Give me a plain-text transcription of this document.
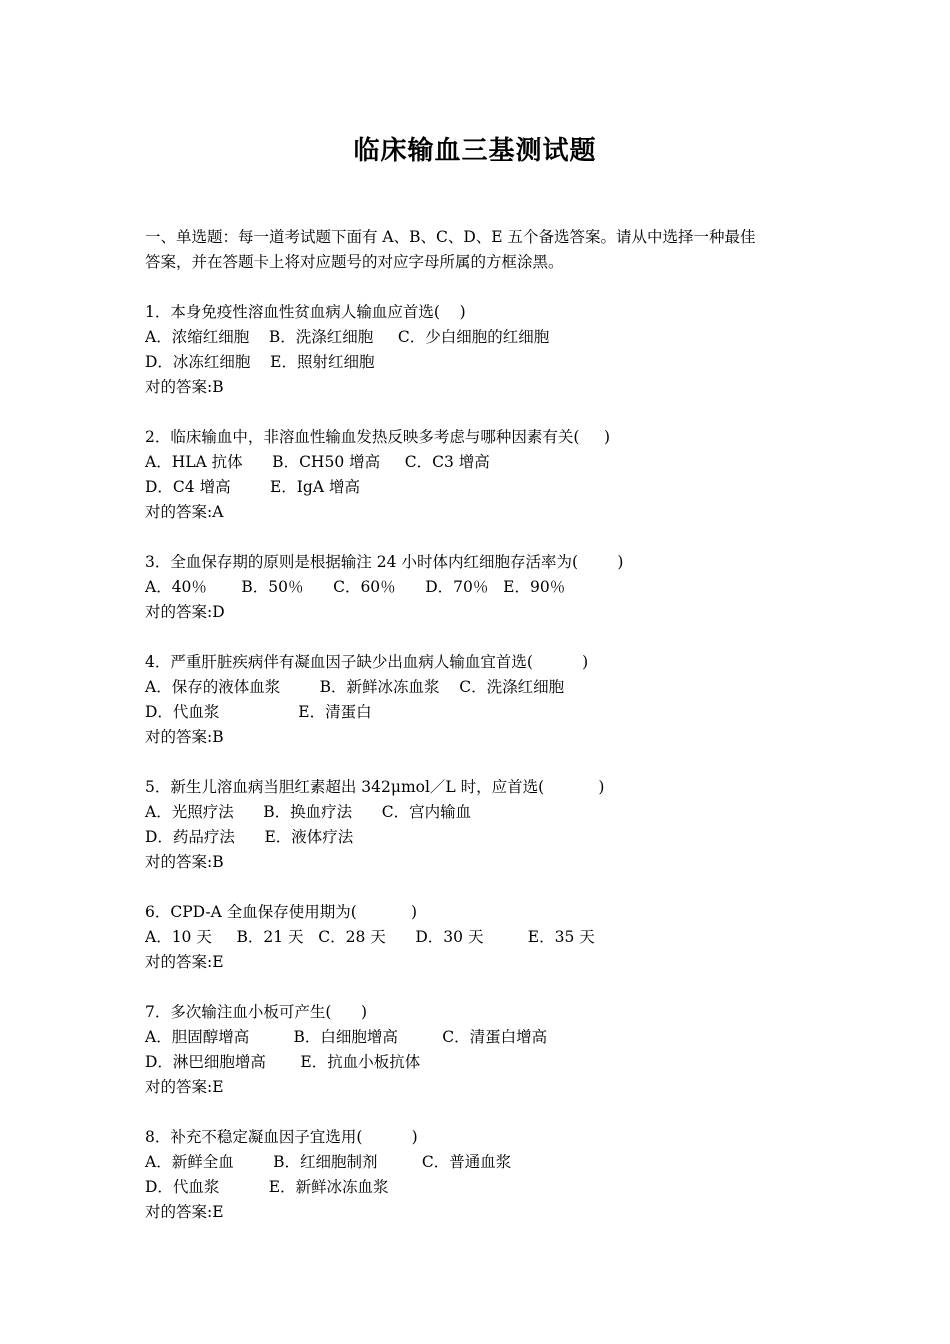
临床输血三基测试题
一、单选题：每一道考试题下面有 A、B、C、D、E 五个备选答案。请从中选择一种最佳
答案，并在答题卡上将对应题号的对应字母所属的方框涂黑。
1．本身免疫性溶血性贫血病人输血应首选(    )
A．浓缩红细胞    B．洗涤红细胞     C．少白细胞的红细胞
D．冰冻红细胞    E．照射红细胞
对的答案:B
2．临床输血中，非溶血性输血发热反映多考虑与哪种因素有关(     )
A．HLA 抗体      B．CH50 增高     C．C3 增高
D．C4 增高        E．IgA 增高
对的答案:A
3．全血保存期的原则是根据输注 24 小时体内红细胞存活率为(        )
A．40％       B．50％      C．60％      D．70％   E．90％
对的答案:D
4．严重肝脏疾病伴有凝血因子缺少出血病人输血宜首选(          )
A．保存的液体血浆        B．新鲜冰冻血浆    C．洗涤红细胞
D．代血浆                E．清蛋白
对的答案:B
5．新生儿溶血病当胆红素超出 342μmol／L 时，应首选(           )
A．光照疗法      B．换血疗法      C．宫内输血
D．药品疗法      E．液体疗法
对的答案:B
6．CPD-A 全血保存使用期为(           )
A．10 天     B．21 天   C．28 天      D．30 天         E．35 天
对的答案:E
7．多次输注血小板可产生(      )
A．胆固醇增高         B．白细胞增高         C．清蛋白增高
D．淋巴细胞增高       E．抗血小板抗体
对的答案:E
8．补充不稳定凝血因子宜选用(          )
A．新鲜全血        B．红细胞制剂         C．普通血浆
D．代血浆          E．新鲜冰冻血浆
对的答案:E
